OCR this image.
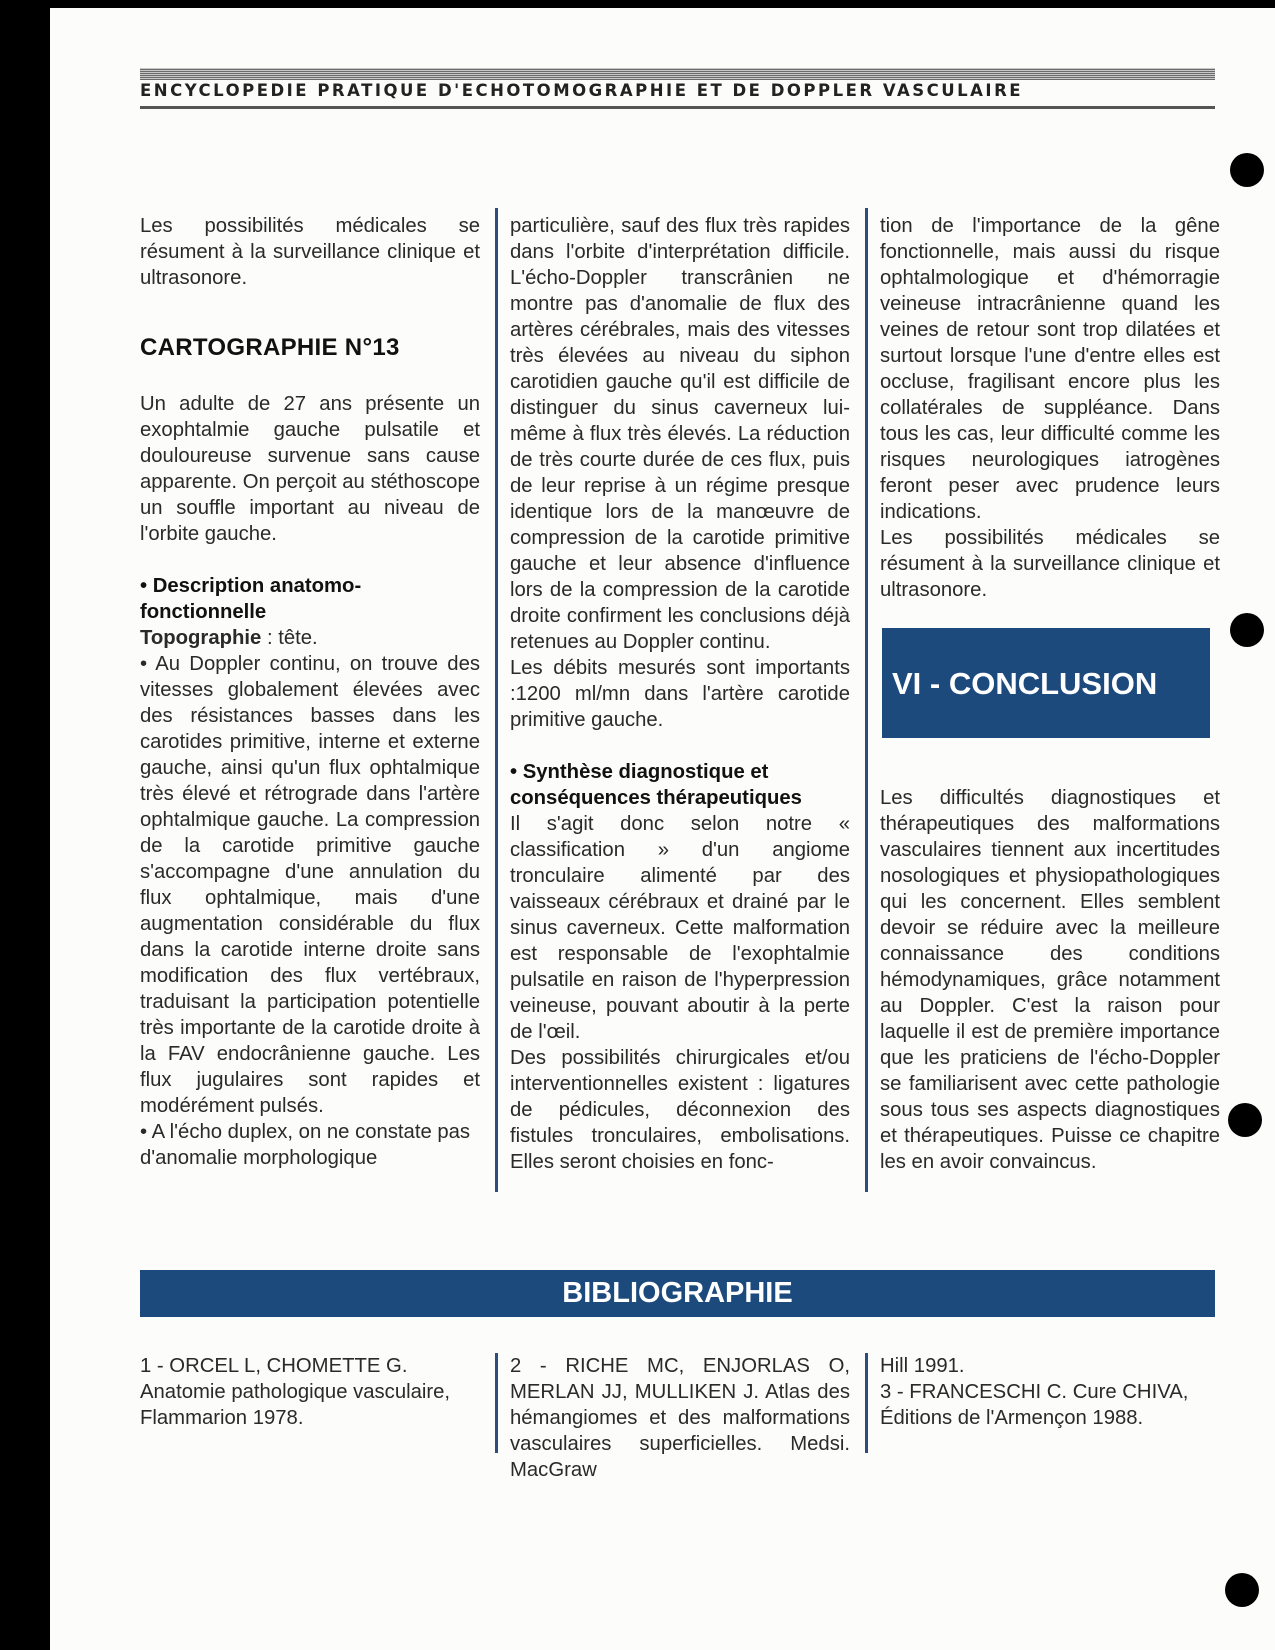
ENCYCLOPEDIE PRATIQUE D'ECHOTOMOGRAPHIE ET DE DOPPLER VASCULAIRE

Les possibilités médicales se résument à la surveillance clinique et ultrasonore.

CARTOGRAPHIE N°13

Un adulte de 27 ans présente un exophtalmie gauche pulsatile et douloureuse survenue sans cause apparente. On perçoit au stéthoscope un souffle important au niveau de l'orbite gauche.

• Description anatomo-fonctionnelle

Topographie : tête.

• Au Doppler continu, on trouve des vitesses globalement élevées avec des résistances basses dans les carotides primitive, interne et externe gauche, ainsi qu'un flux ophtalmique très élevé et rétrograde dans l'artère ophtalmique gauche. La compression de la carotide primitive gauche s'accompagne d'une annulation du flux ophtalmique, mais d'une augmentation considérable du flux dans la carotide interne droite sans modification des flux vertébraux, traduisant la participation potentielle très importante de la carotide droite à la FAV endocrânienne gauche. Les flux jugulaires sont rapides et modérément pulsés.

• A l'écho duplex, on ne constate pas d'anomalie morphologique

particulière, sauf des flux très rapides dans l'orbite d'interprétation difficile. L'écho-Doppler transcrânien ne montre pas d'anomalie de flux des artères cérébrales, mais des vitesses très élevées au niveau du siphon carotidien gauche qu'il est difficile de distinguer du sinus caverneux lui-même à flux très élevés. La réduction de très courte durée de ces flux, puis de leur reprise à un régime presque identique lors de la manœuvre de compression de la carotide primitive gauche et leur absence d'influence lors de la compression de la carotide droite confirment les conclusions déjà retenues au Doppler continu.

Les débits mesurés sont importants :1200 ml/mn dans l'artère carotide primitive gauche.

• Synthèse diagnostique et conséquences thérapeutiques

Il s'agit donc selon notre « classification » d'un angiome tronculaire alimenté par des vaisseaux cérébraux et drainé par le sinus caverneux. Cette malformation est responsable de l'exophtalmie pulsatile en raison de l'hyperpression veineuse, pouvant aboutir à la perte de l'œil.

Des possibilités chirurgicales et/ou interventionnelles existent : ligatures de pédicules, déconnexion des fistules tronculaires, embolisations. Elles seront choisies en fonc-

tion de l'importance de la gêne fonctionnelle, mais aussi du risque ophtalmologique et d'hémorragie veineuse intracrânienne quand les veines de retour sont trop dilatées et surtout lorsque l'une d'entre elles est occluse, fragilisant encore plus les collatérales de suppléance. Dans tous les cas, leur difficulté comme les risques neurologiques iatrogènes feront peser avec prudence leurs indications.

Les possibilités médicales se résument à la surveillance clinique et ultrasonore.

VI - CONCLUSION

Les difficultés diagnostiques et thérapeutiques des malformations vasculaires tiennent aux incertitudes nosologiques et physiopathologiques qui les concernent. Elles semblent devoir se réduire avec la meilleure connaissance des conditions hémodynamiques, grâce notamment au Doppler. C'est la raison pour laquelle il est de première importance que les praticiens de l'écho-Doppler se familiarisent avec cette pathologie sous tous ses aspects diagnostiques et thérapeutiques. Puisse ce chapitre les en avoir convaincus.

BIBLIOGRAPHIE

1 - ORCEL L, CHOMETTE G. Anatomie pathologique vasculaire, Flammarion 1978.

2 - RICHE MC, ENJORLAS O, MERLAN JJ, MULLIKEN J. Atlas des hémangiomes et des malformations vasculaires superficielles. Medsi. MacGraw

Hill 1991.

3 - FRANCESCHI C. Cure CHIVA, Éditions de l'Armençon 1988.
